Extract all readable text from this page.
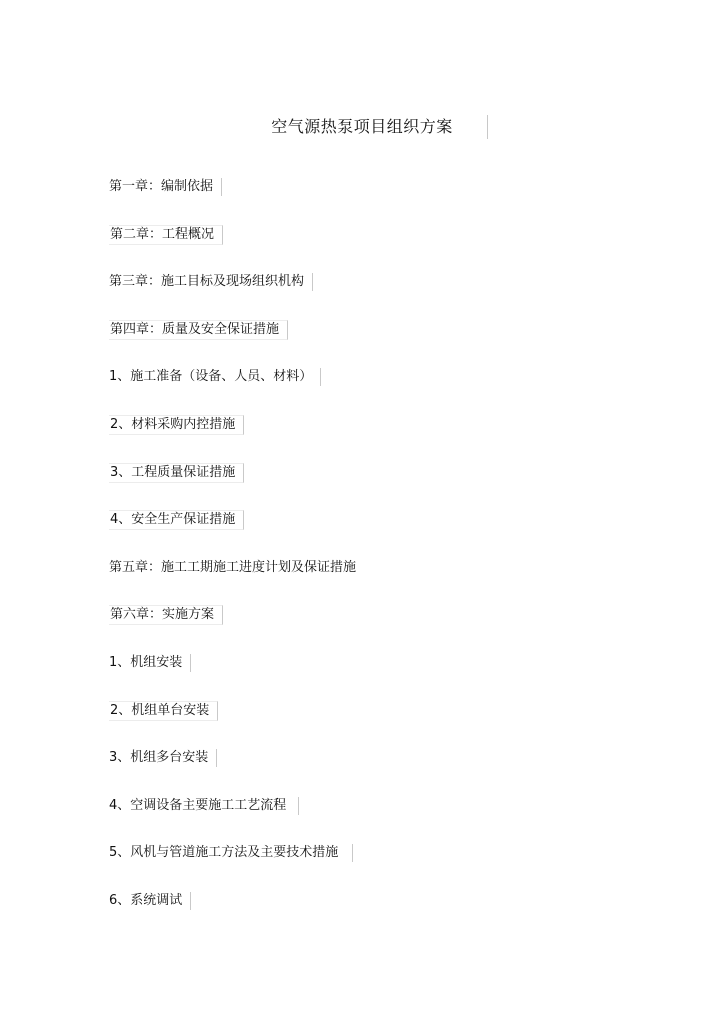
空气源热泵项目组织方案
第一章：编制依据
第二章：工程概况
第三章：施工目标及现场组织机构
第四章：质量及安全保证措施
1、施工准备（设备、人员、材料）
2、材料采购内控措施
3、工程质量保证措施
4、安全生产保证措施
第五章：施工工期施工进度计划及保证措施
第六章：实施方案
1、机组安装
2、机组单台安装
3、机组多台安装
4、空调设备主要施工工艺流程
5、风机与管道施工方法及主要技术措施
6、系统调试
